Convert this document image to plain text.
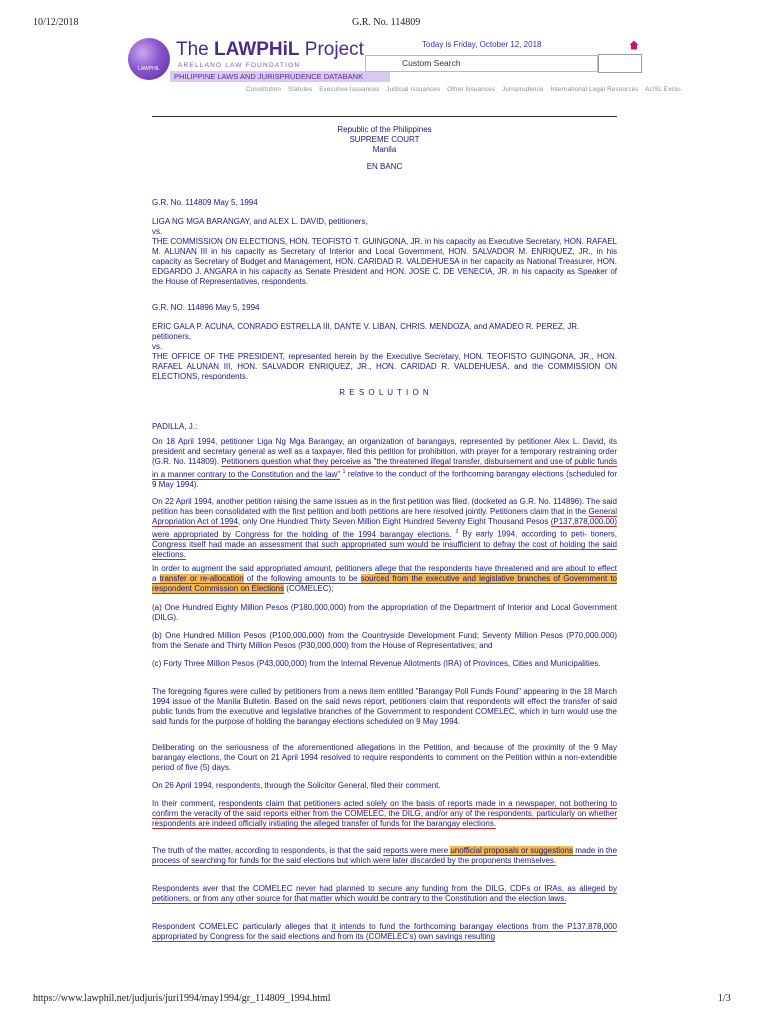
10/12/2018	G.R. No. 114809
LAWPHIL
The LAWPHiL Project
ARELLANO LAW FOUNDATION
PHILIPPINE LAWS AND JURISPRUDENCE DATABANK
Today is Friday, October 12, 2018
Custom Search
Constitution Statutes Executive Issuances Judicial Issuances Other Issuances Jurisprudence International Legal Resources AUSL Exclu-
Republic of the Philippines
SUPREME COURT
Manila
EN BANC
G.R. No. 114809 May 5, 1994
LIGA NG MGA BARANGAY, and ALEX L. DAVID, petitioners,
vs.
THE COMMISSION ON ELECTIONS, HON. TEOFISTO T. GUINGONA, JR. in his capacity as Executive Secretary, HON. RAFAEL M. ALUNAN III in his capacity as Secretary of Interior and Local Government, HON. SALVADOR M. ENRIQUEZ, JR., in his capacity as Secretary of Budget and Management, HON. CARIDAD R. VALDEHUESA in her capacity as National Treasurer, HON. EDGARDO J. ANGARA in his capacity as Senate President and HON. JOSE C. DE VENECIA, JR. in his capacity as Speaker of the House of Representatives, respondents.
G.R. NO. 114896 May 5, 1994
ERIC GALA P. ACUNA, CONRADO ESTRELLA III, DANTE V. LIBAN, CHRIS. MENDOZA, and AMADEO R. PEREZ, JR. petitioners,
vs.
THE OFFICE OF THE PRESIDENT, represented herein by the Executive Secretary, HON. TEOFISTO GUINGONA, JR., HON. RAFAEL ALUNAN III, HON. SALVADOR ENRIQUEZ, JR., HON. CARIDAD R. VALDEHUESA, and the COMMISSION ON ELECTIONS, respondents.
R E S O L U T I O N
PADILLA, J.:
On 18 April 1994, petitioner Liga Ng Mga Barangay, an organization of barangays, represented by petitioner Alex L. David, its president and secretary general as well as a taxpayer, filed this petition for prohibition, with prayer for a temporary restraining order (G.R. No. 114809). Petitioners question what they perceive as "the threatened illegal transfer, disbursement and use of public funds in a manner contrary to the Constitution and the law" $^1$ relative to the conduct of the forthcoming barangay elections (scheduled for 9 May 1994).
On 22 April 1994, another petition raising the same issues as in the first petition was filed, (docketed as G.R. No. 114896). The said petition has been consolidated with the first petition and both petitions are here resolved jointly. Petitioners claim that in the General Apropriation Act of 1994, only One Hundred Thirty Seven Million Eight Hundred Seventy Eight Thousand Pesos (P137,878,000.00) were appropriated by Congress for the holding of the 1994 barangay elections. $^2$ By early 1994, according to peti- tioners, Congress itself had made an assessment that such appropriated sum would be insufficient to defray the cost of holding the said elections.
In order to augment the said appropriated amount, petitioners allege that the respondents have threatened and are about to effect a transfer or re-allocation of the following amounts to be sourced from the executive and legislative branches of Government to respondent Commission on Elections (COMELEC);
(a) One Hundred Eighty Million Pesos (P180,000,000) from the appropriation of the Department of Interior and Local Government (DILG).
(b) One Hundred Million Pesos (P100,000,000) from the Countryside Development Fund; Seventy Million Pesos (P70,000,000) from the Senate and Thirty Million Pesos (P30,000,000) from the House of Representatives; and
(c) Forty Three Million Pesos (P43,000,000) from the Internal Revenue Allotments (IRA) of Provinces, Cities and Municipalities.
The foregoing figures were culled by petitioners from a news item entitled "Barangay Poll Funds Found" appearing in the 18 March 1994 issue of the Manila Bulletin. Based on the said news report, petitioners claim that respondents will effect the transfer of said public funds from the executive and legislative branches of the Government to respondent COMELEC, which in turn would use the said funds for the purpose of holding the barangay elections scheduled on 9 May 1994.
Deliberating on the seriousness of the aforementioned allegations in the Petition, and because of the proximity of the 9 May barangay elections, the Court on 21 April 1994 resolved to require respondents to comment on the Petition within a non-extendible period of five (5) days.
On 26 April 1994, respondents, through the Solicitor General, filed their comment.
In their comment, respondents claim that petitioners acted solely on the basis of reports made in a newspaper, not bothering to confirm the veracity of the said reports either from the COMELEC, the DILG, and/or any of the respondents, particularly on whether respondents are indeed officially initiating the alleged transfer of funds for the barangay elections.
The truth of the matter, according to respondents, is that the said reports were mere unofficial proposals or suggestions made in the process of searching for funds for the said elections but which were later discarded by the proponents themselves.
Respondents aver that the COMELEC never had planned to secure any funding from the DILG, CDFs or IRAs, as alleged by petitioners, or from any other source for that matter which would be contrary to the Constitution and the election laws.
Respondent COMELEC particularly alleges that it intends to fund the forthcoming barangay elections from the P137,878,000 appropriated by Congress for the said elections and from its (COMELEC's) own savings resulting
https://www.lawphil.net/judjuris/juri1994/may1994/gr_114809_1994.html	1/3
